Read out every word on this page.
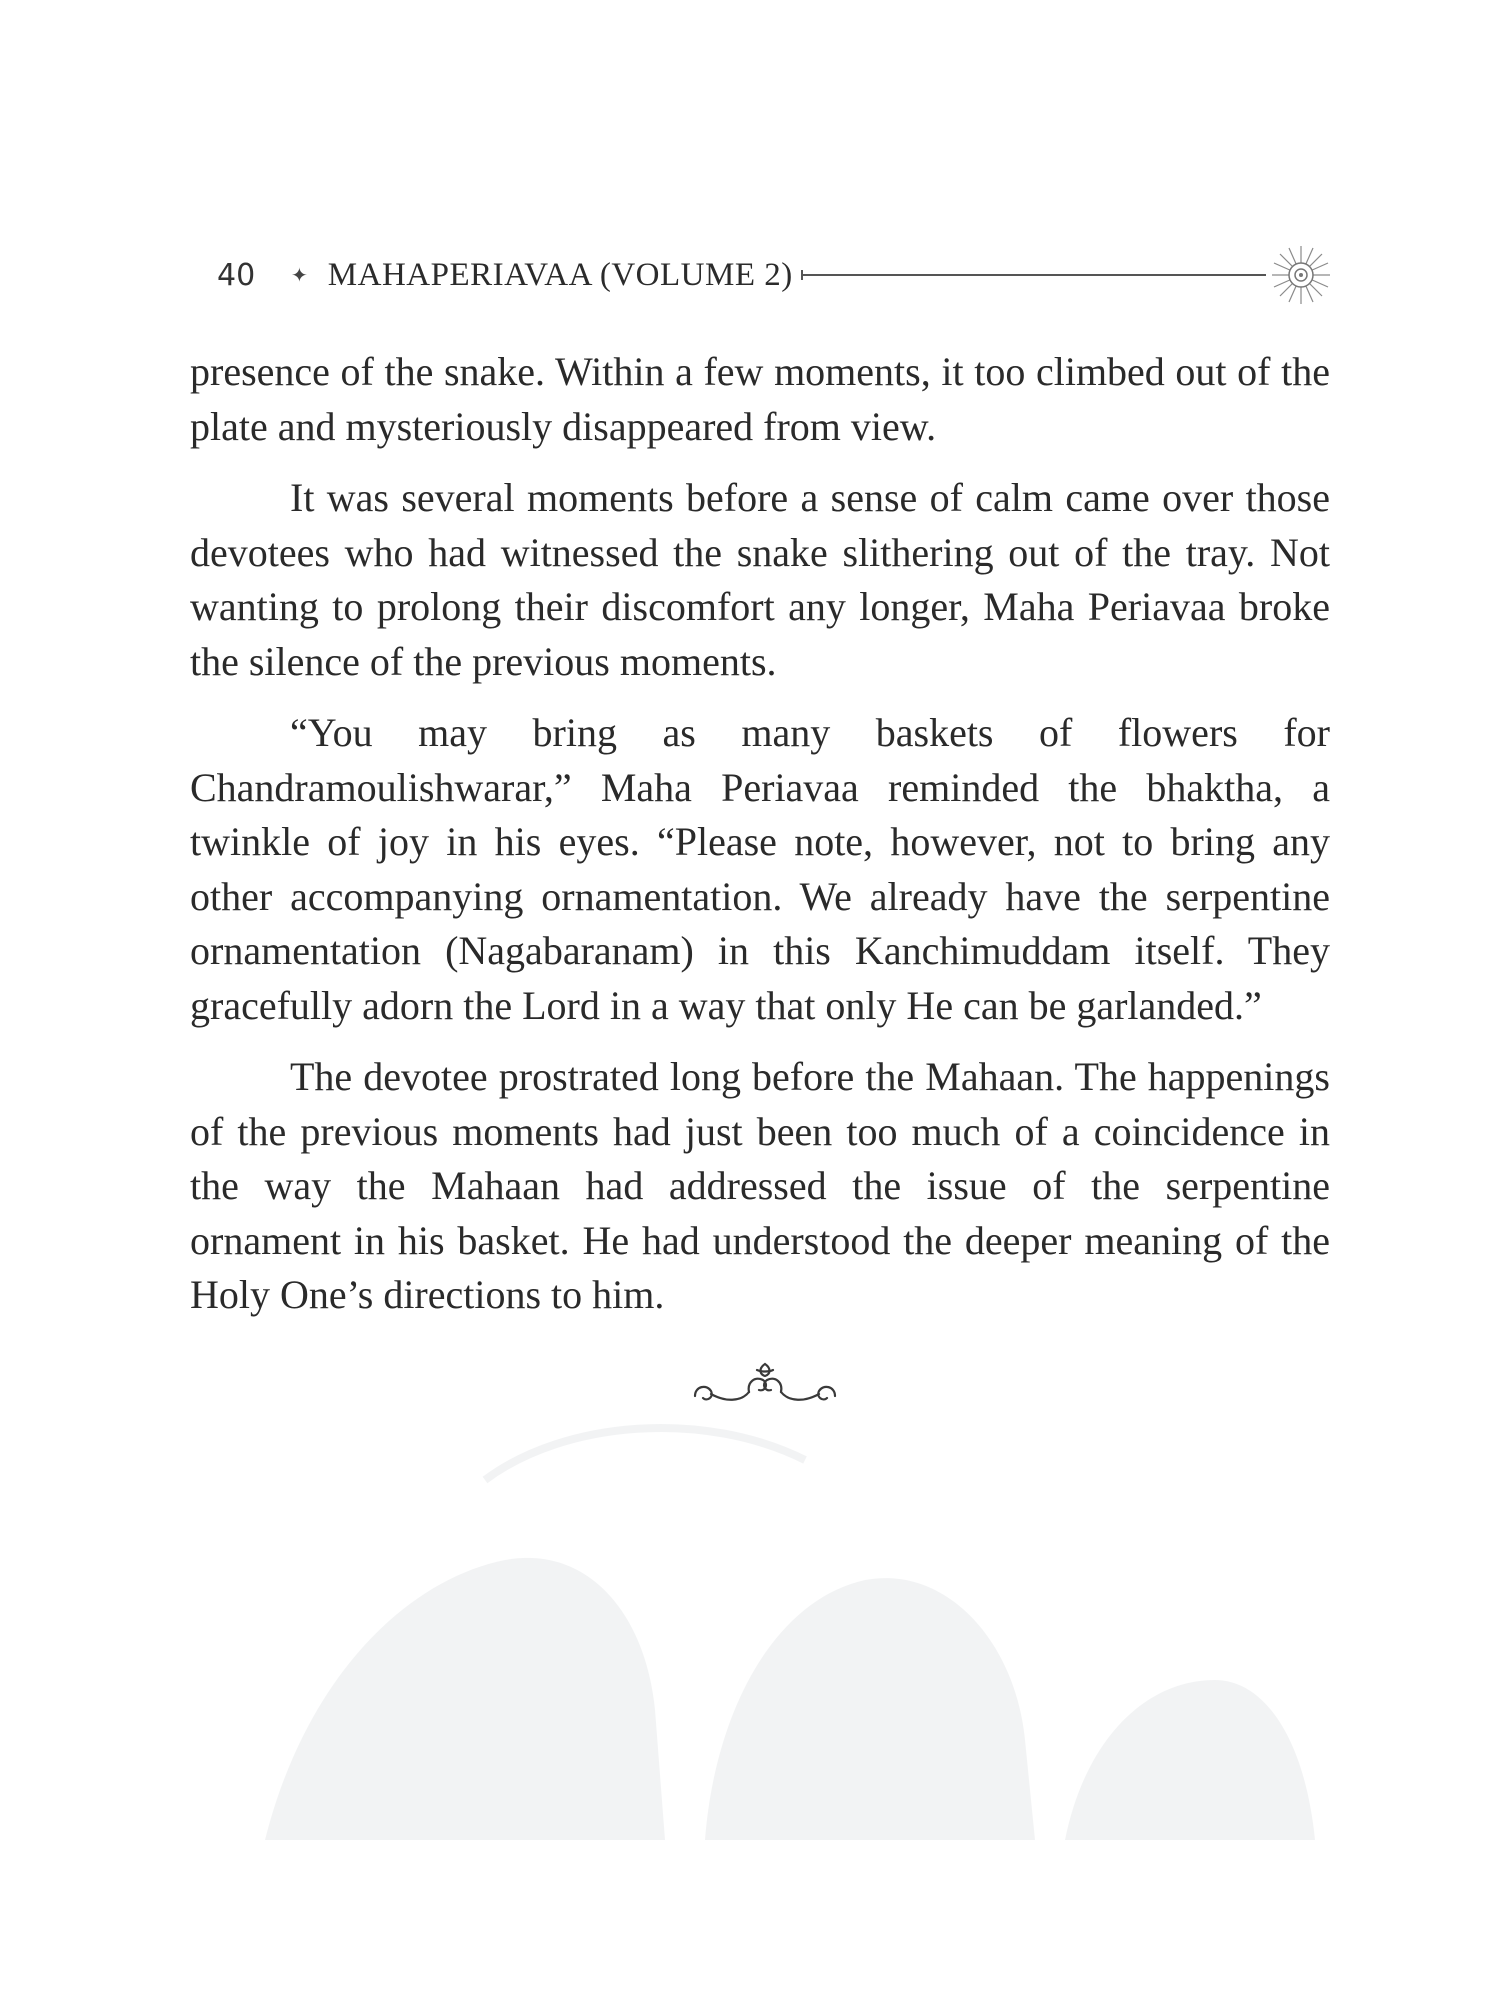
40 ✦ MAHAPERIAVAA (VOLUME 2)

presence of the snake. Within a few moments, it too climbed out of the plate and mysteriously disappeared from view.

It was several moments before a sense of calm came over those devotees who had witnessed the snake slithering out of the tray. Not wanting to prolong their discomfort any longer, Maha Periavaa broke the silence of the previous moments.

“You may bring as many baskets of flowers for Chandramoulishwarar,” Maha Periavaa reminded the bhaktha, a twinkle of joy in his eyes. “Please note, however, not to bring any other accompanying ornamentation. We already have the serpentine ornamentation (Nagabaranam) in this Kanchimuddam itself. They gracefully adorn the Lord in a way that only He can be garlanded.”

The devotee prostrated long before the Mahaan. The happenings of the previous moments had just been too much of a coincidence in the way the Mahaan had addressed the issue of the serpentine ornament in his basket. He had understood the deeper meaning of the Holy One’s directions to him.
